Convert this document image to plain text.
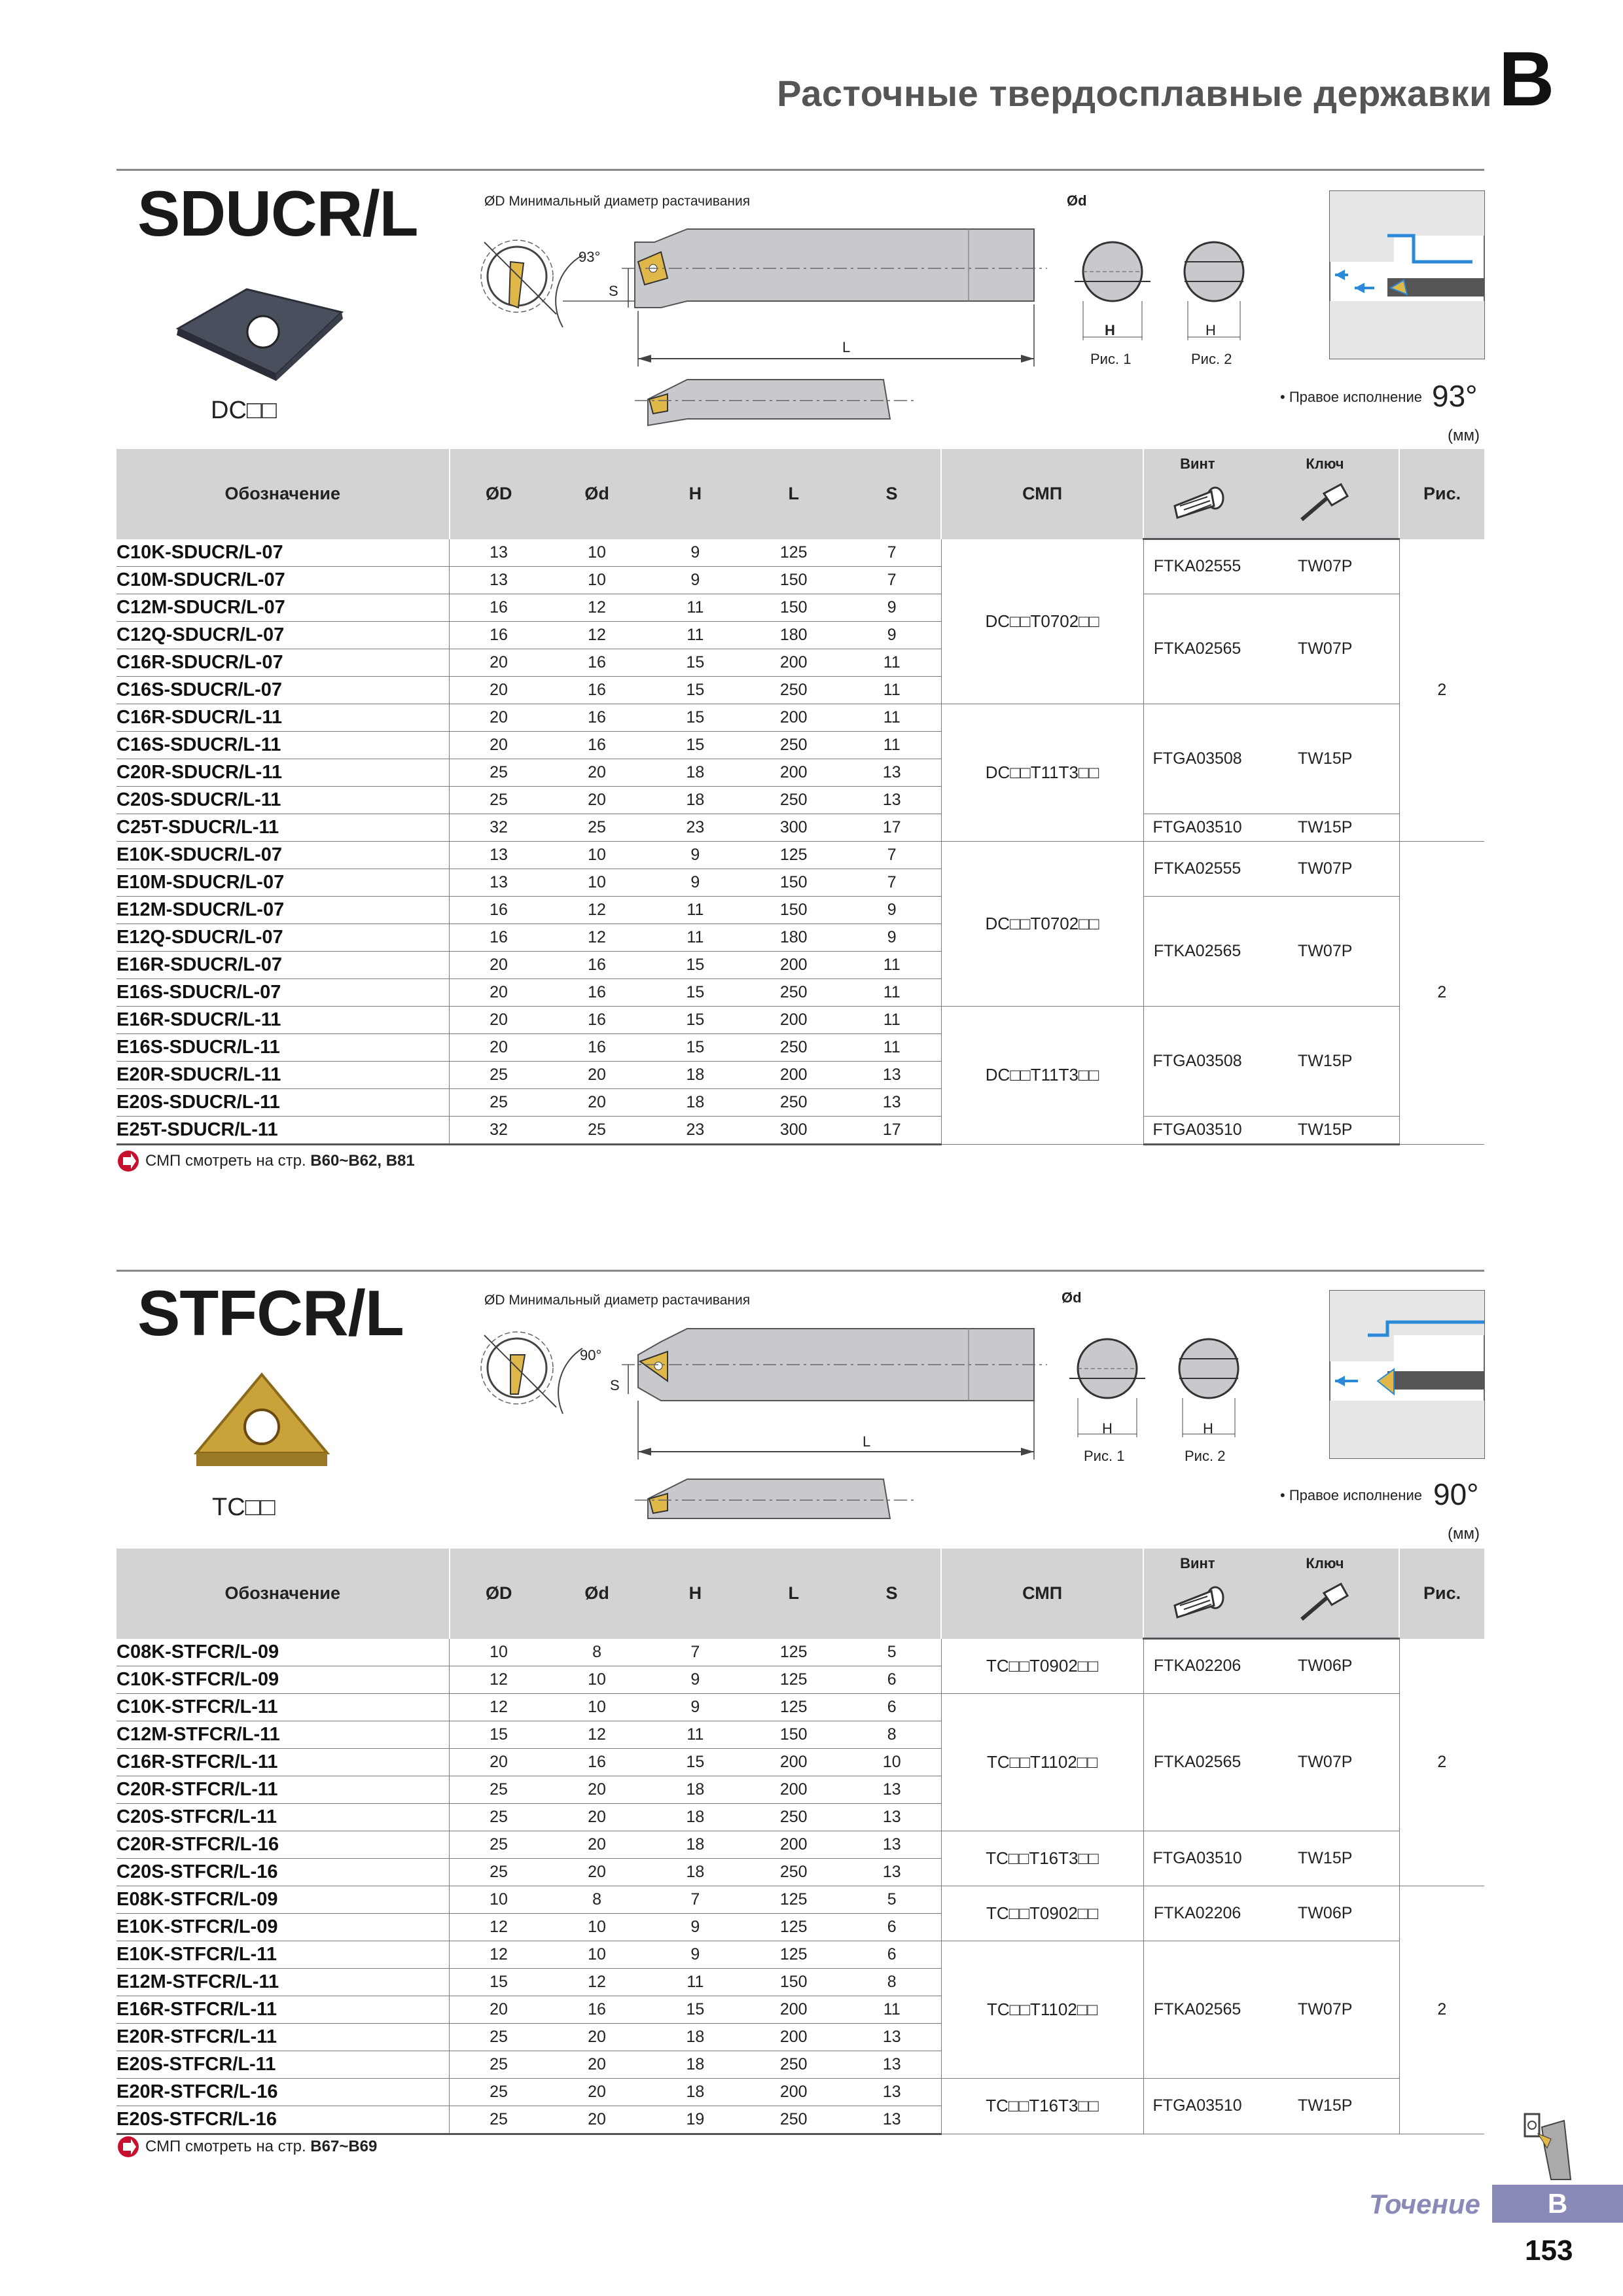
Расточные твердосплавные державки B
SDUCR/L
DC□□
ØD Минимальный диаметр растачивания
93°
S
L
Ød
H	H
Рис. 1	Рис. 2
• Правое исполнение 93°
(мм)
Обозначение	ØD	Ød	H	L	S	СМП	Винт	Ключ	Рис.

C10K-SDUCR/L-07	13	10	9	125	7	DC□□T0702□□	FTKA02555	TW07P	2
C10M-SDUCR/L-07	13	10	9	150	7				
C12M-SDUCR/L-07	16	12	11	150	9		FTKA02565	TW07P	
C12Q-SDUCR/L-07	16	12	11	180	9				
C16R-SDUCR/L-07	20	16	15	200	11				
C16S-SDUCR/L-07	20	16	15	250	11				
C16R-SDUCR/L-11	20	16	15	200	11	DC□□T11T3□□	FTGA03508	TW15P	
C16S-SDUCR/L-11	20	16	15	250	11				
C20R-SDUCR/L-11	25	20	18	200	13				
C20S-SDUCR/L-11	25	20	18	250	13				
C25T-SDUCR/L-11	32	25	23	300	17		FTGA03510	TW15P	
E10K-SDUCR/L-07	13	10	9	125	7	DC□□T0702□□	FTKA02555	TW07P	2
E10M-SDUCR/L-07	13	10	9	150	7				
E12M-SDUCR/L-07	16	12	11	150	9		FTKA02565	TW07P	
E12Q-SDUCR/L-07	16	12	11	180	9				
E16R-SDUCR/L-07	20	16	15	200	11				
E16S-SDUCR/L-07	20	16	15	250	11				
E16R-SDUCR/L-11	20	16	15	200	11	DC□□T11T3□□	FTGA03508	TW15P	
E16S-SDUCR/L-11	20	16	15	250	11				
E20R-SDUCR/L-11	25	20	18	200	13				
E20S-SDUCR/L-11	25	20	18	250	13				
E25T-SDUCR/L-11	32	25	23	300	17		FTGA03510	TW15P	
СМП смотреть на стр. B60~B62, B81
STFCR/L
TC□□
ØD Минимальный диаметр растачивания
90°
S
L
Ød
H	H
Рис. 1	Рис. 2
• Правое исполнение 90°
(мм)
Обозначение	ØD	Ød	H	L	S	СМП	Винт	Ключ	Рис.

C08K-STFCR/L-09	10	8	7	125	5	TC□□T0902□□	FTKA02206	TW06P	2
C10K-STFCR/L-09	12	10	9	125	6				
C10K-STFCR/L-11	12	10	9	125	6	TC□□T1102□□	FTKA02565	TW07P	
C12M-STFCR/L-11	15	12	11	150	8				
C16R-STFCR/L-11	20	16	15	200	10				
C20R-STFCR/L-11	25	20	18	200	13				
C20S-STFCR/L-11	25	20	18	250	13				
C20R-STFCR/L-16	25	20	18	200	13	TC□□T16T3□□	FTGA03510	TW15P	
C20S-STFCR/L-16	25	20	18	250	13				
E08K-STFCR/L-09	10	8	7	125	5	TC□□T0902□□	FTKA02206	TW06P	2
E10K-STFCR/L-09	12	10	9	125	6				
E10K-STFCR/L-11	12	10	9	125	6	TC□□T1102□□	FTKA02565	TW07P	
E12M-STFCR/L-11	15	12	11	150	8				
E16R-STFCR/L-11	20	16	15	200	11				
E20R-STFCR/L-11	25	20	18	200	13				
E20S-STFCR/L-11	25	20	18	250	13				
E20R-STFCR/L-16	25	20	18	200	13	TC□□T16T3□□	FTGA03510	TW15P	
E20S-STFCR/L-16	25	20	19	250	13				
СМП смотреть на стр. B67~B69
Точение	B
153
